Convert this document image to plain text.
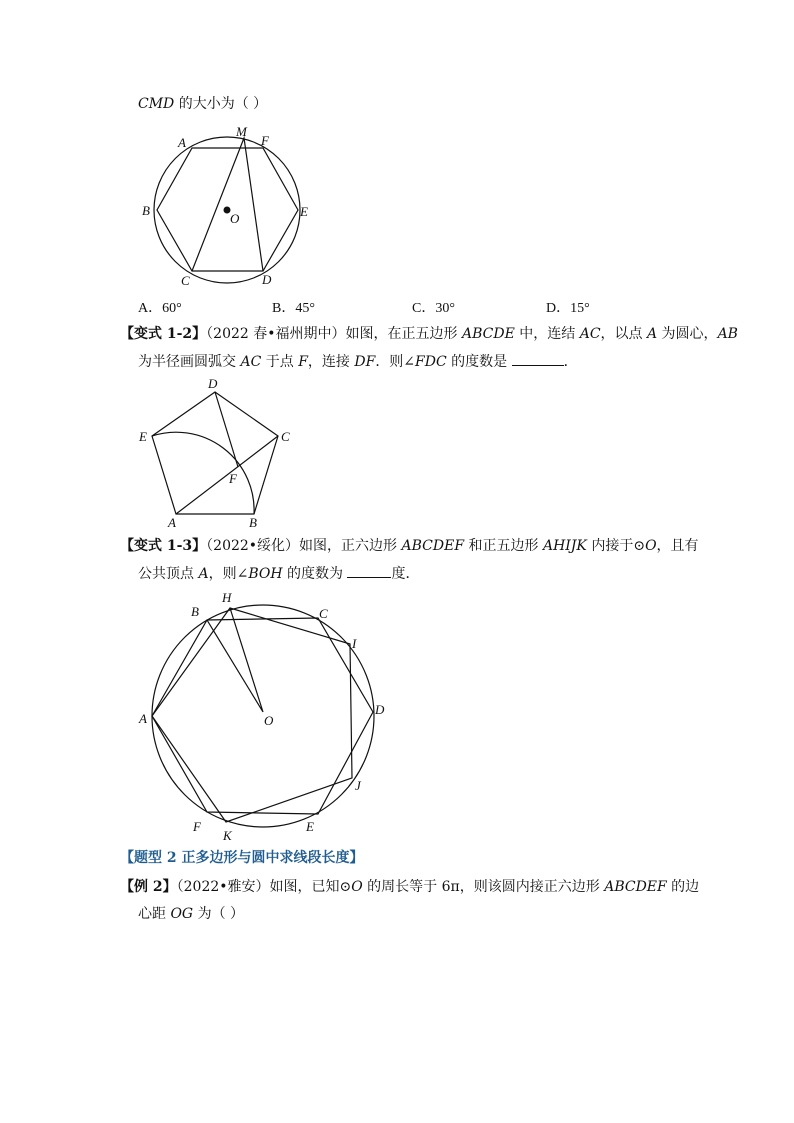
CMD 的大小为（ ）
A
M
F
B
O	E
C	D
A．60°	B．45°	C．30°	D．15°
【变式 1-2】（2022 春•福州期中）如图，在正五边形 ABCDE 中，连结 AC，以点 A 为圆心，AB
为半径画圆弧交 AC 于点 F，连接 DF．则∠FDC 的度数是	．
D
E	C
F
A	B
【变式 1-3】（2022•绥化）如图，正六边形 ABCDEF 和正五边形 AHIJK 内接于⊙O，且有
公共顶点 A，则∠BOH 的度数为	度．
B
H
C
I
A	O
D
J
F
K
E
【题型 2 正多边形与圆中求线段长度】
【例 2】（2022•雅安）如图，已知⊙O 的周长等于 6π，则该圆内接正六边形 ABCDEF 的边
心距 OG 为（ ）
